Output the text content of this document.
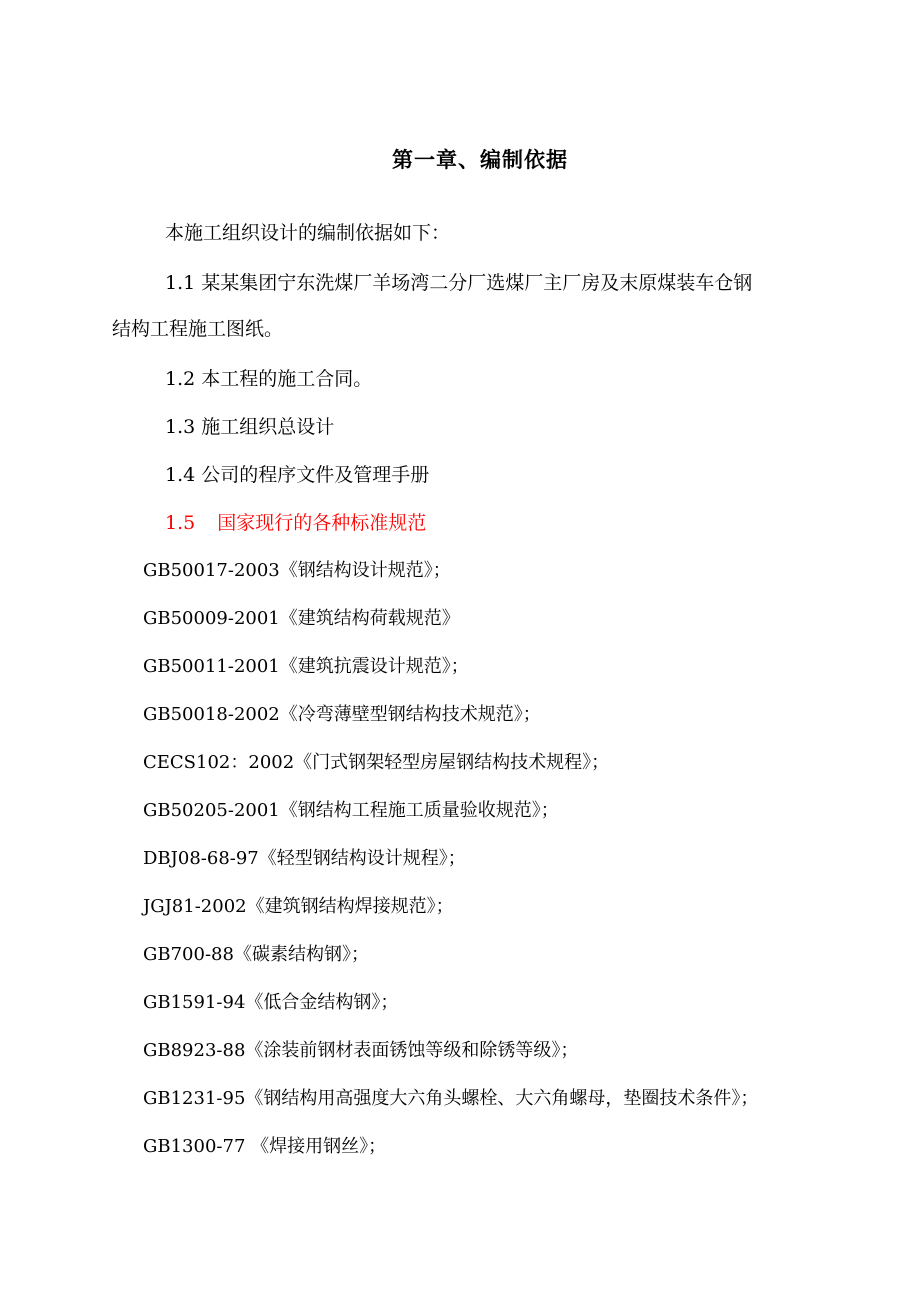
第一章、编制依据
本施工组织设计的编制依据如下：
1.1 某某集团宁东洗煤厂羊场湾二分厂选煤厂主厂房及末原煤装车仓钢
结构工程施工图纸。
1.2 本工程的施工合同。
1.3 施工组织总设计
1.4 公司的程序文件及管理手册
1.5 国家现行的各种标准规范
GB50017-2003《钢结构设计规范》；
GB50009-2001《建筑结构荷载规范》
GB50011-2001《建筑抗震设计规范》；
GB50018-2002《冷弯薄壁型钢结构技术规范》；
CECS102：2002《门式钢架轻型房屋钢结构技术规程》；
GB50205-2001《钢结构工程施工质量验收规范》；
DBJ08-68-97《轻型钢结构设计规程》；
JGJ81-2002《建筑钢结构焊接规范》；
GB700-88《碳素结构钢》；
GB1591-94《低合金结构钢》；
GB8923-88《涂装前钢材表面锈蚀等级和除锈等级》；
GB1231-95《钢结构用高强度大六角头螺栓、大六角螺母，垫圈技术条件》；
GB1300-77 《焊接用钢丝》；
